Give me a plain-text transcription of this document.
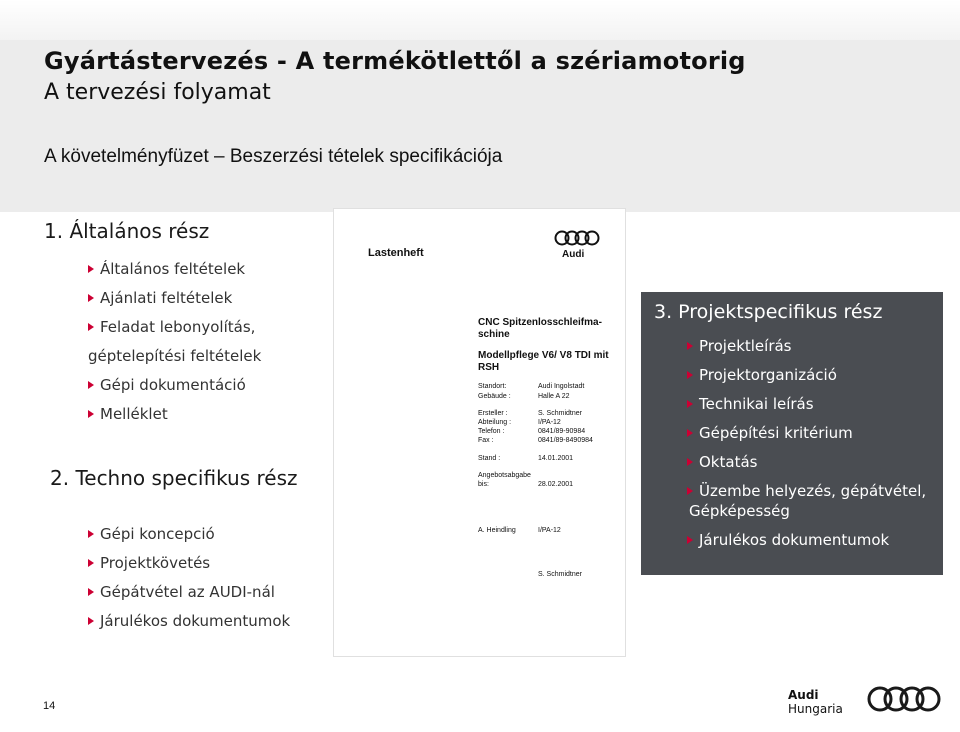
Gyártástervezés - A termékötlettől a szériamotorig
A tervezési folyamat
A követelményfüzet – Beszerzési tételek specifikációja
1. Általános rész
Általános feltételek
Ajánlati feltételek
Feladat lebonyolítás,
géptelepítési feltételek
Gépi dokumentáció
Melléklet
2. Techno specifikus rész
Gépi koncepció
Projektkövetés
Gépátvétel az AUDI-nál
Járulékos dokumentumok
Lastenheft	Audi
CNC Spitzenlosschleifma-
schine
Modellpflege V6/ V8 TDI mit
RSH
Standort:	Audi Ingolstadt
Gebäude :	Halle A 22
Ersteller :	S. Schmidtner
Abteilung :	I/PA-12
Telefon :	0841/89-90984
Fax :	0841/89-8490984
Stand :	14.01.2001
Angebotsabgabe
bis:	28.02.2001
A. Heindling	I/PA-12
S. Schmidtner
3. Projektspecifikus rész
Projektleírás
Projektorganizáció
Technikai leírás
Gépépítési kritérium
Oktatás
Üzembe helyezés, gépátvétel,
Gépképesség
Járulékos dokumentumok
14
Audi
Hungaria
